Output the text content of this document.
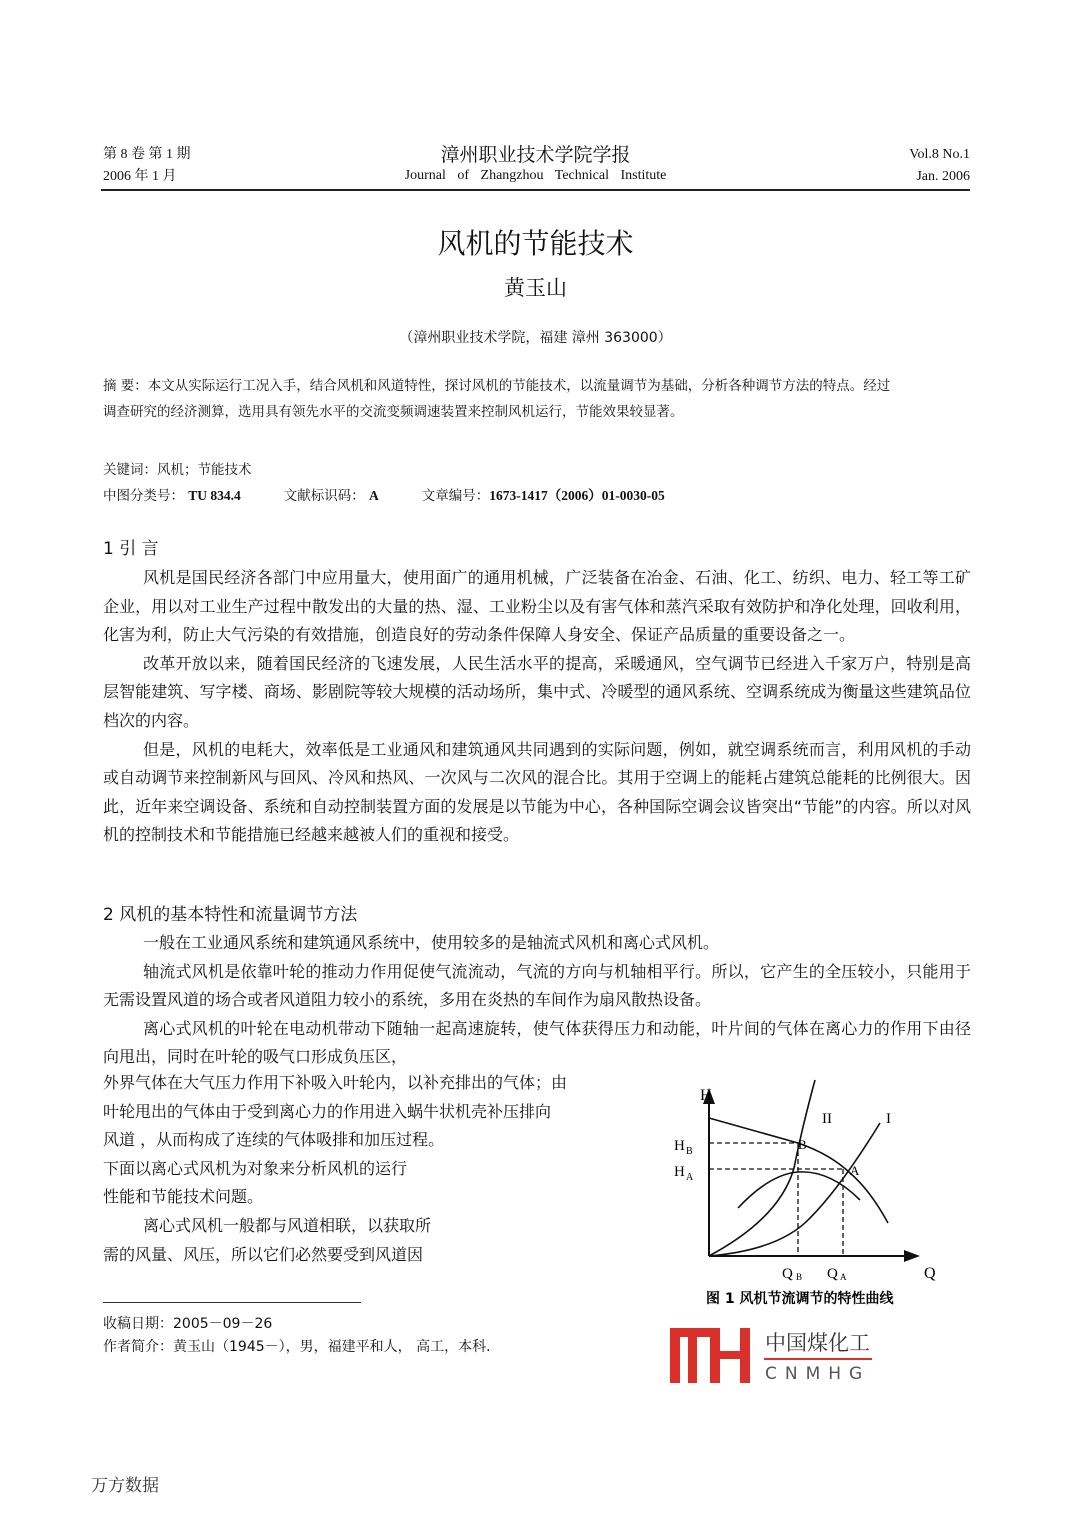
第 8 卷 第 1 期
2006 年 1 月
漳州职业技术学院学报
Journal of Zhangzhou Technical Institute
Vol.8 No.1
Jan. 2006
风机的节能技术
黄玉山
（漳州职业技术学院，福建 漳州 363000）
摘 要：本文从实际运行工况入手，结合风机和风道特性，探讨风机的节能技术，以流量调节为基础，分析各种调节方法的特点。经过调查研究的经济测算，选用具有领先水平的交流变频调速装置来控制风机运行，节能效果较显著。
关键词：风机；节能技术
中图分类号： TU 834.4	文献标识码： A	文章编号：1673-1417（2006）01-0030-05
1 引 言

风机是国民经济各部门中应用量大，使用面广的通用机械，广泛装备在冶金、石油、化工、纺织、电力、轻工等工矿企业，用以对工业生产过程中散发出的大量的热、湿、工业粉尘以及有害气体和蒸汽采取有效防护和净化处理，回收利用，化害为利，防止大气污染的有效措施，创造良好的劳动条件保障人身安全、保证产品质量的重要设备之一。

改革开放以来，随着国民经济的飞速发展，人民生活水平的提高，采暖通风，空气调节已经进入千家万户，特别是高层智能建筑、写字楼、商场、影剧院等较大规模的活动场所，集中式、冷暖型的通风系统、空调系统成为衡量这些建筑品位档次的内容。

但是，风机的电耗大，效率低是工业通风和建筑通风共同遇到的实际问题，例如，就空调系统而言，利用风机的手动或自动调节来控制新风与回风、冷风和热风、一次风与二次风的混合比。其用于空调上的能耗占建筑总能耗的比例很大。因此，近年来空调设备、系统和自动控制装置方面的发展是以节能为中心，各种国际空调会议皆突出“节能”的内容。所以对风机的控制技术和节能措施已经越来越被人们的重视和接受。

2 风机的基本特性和流量调节方法

一般在工业通风系统和建筑通风系统中，使用较多的是轴流式风机和离心式风机。

轴流式风机是依靠叶轮的推动力作用促使气流流动，气流的方向与机轴相平行。所以，它产生的全压较小，只能用于无需设置风道的场合或者风道阻力较小的系统，多用在炎热的车间作为扇风散热设备。

离心式风机的叶轮在电动机带动下随轴一起高速旋转，使气体获得压力和动能，叶片间的气体在离心力的作用下由径向甩出，同时在叶轮的吸气口形成负压区，

外界气体在大气压力作用下补吸入叶轮内，以补充排出的气体；由
叶轮甩出的气体由于受到离心力的作用进入蜗牛状机壳补压排向
风道 ，从而构成了连续的气体吸排和加压过程。
下面以离心式风机为对象来分析风机的运行
性能和节能技术问题。
离心式风机一般都与风道相联，以获取所
需的风量、风压，所以它们必然要受到风道因
H
H B
H A
II	I
B
A
Q B Q A	Q
图 1 风机节流调节的特性曲线
收稿日期：2005－09－26
作者简介：黄玉山（1945－），男，福建平和人， 高工，本科.	中国煤化工
CNMHG
万方数据
